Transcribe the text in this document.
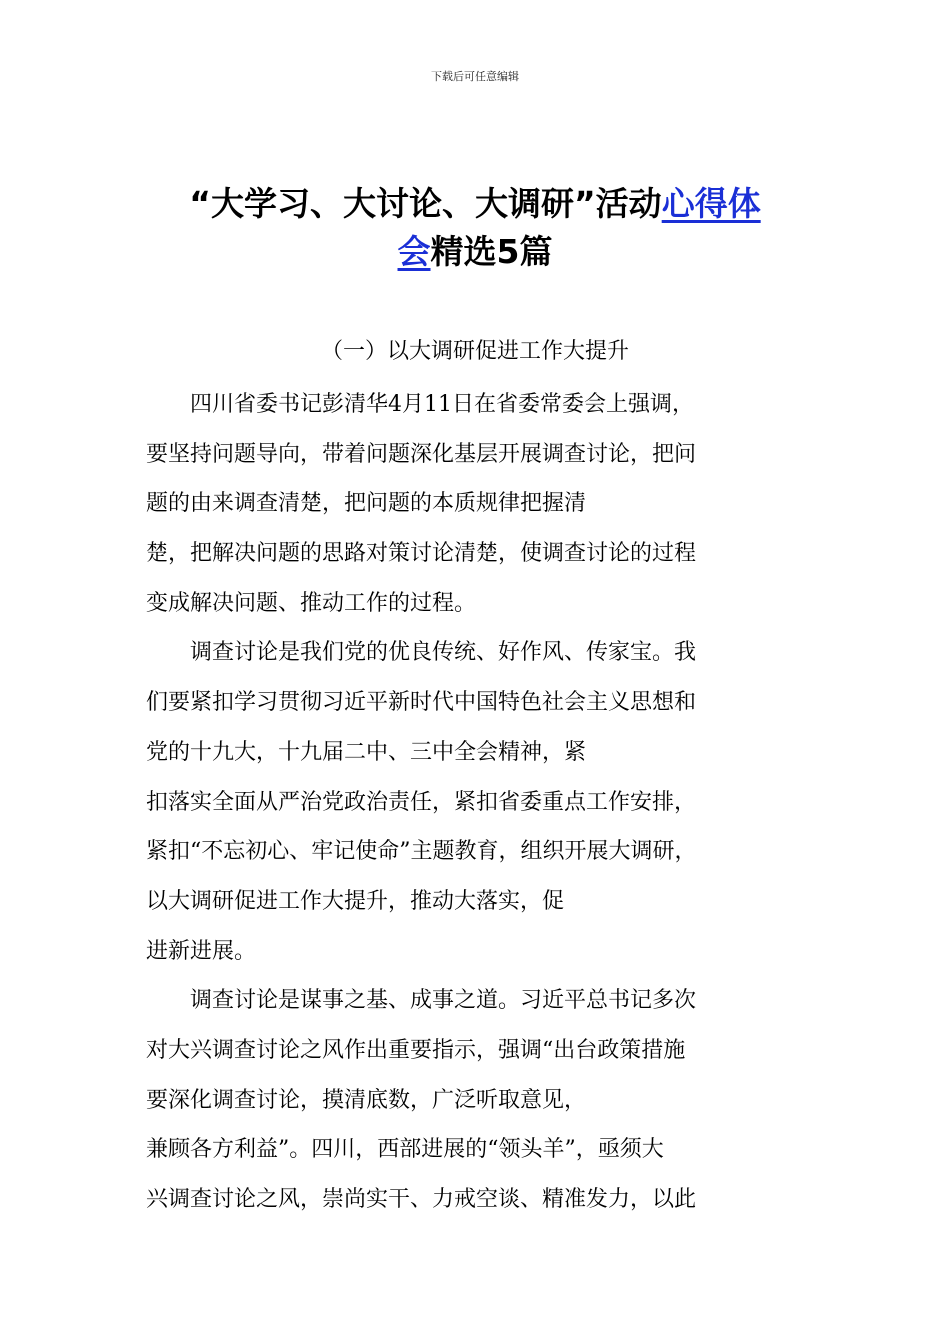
下载后可任意编辑
“大学习、大讨论、大调研”活动心得体
会精选5篇
（一）以大调研促进工作大提升
四川省委书记彭清华4月11日在省委常委会上强调，
要坚持问题导向，带着问题深化基层开展调查讨论，把问
题的由来调查清楚，把问题的本质规律把握清
楚，把解决问题的思路对策讨论清楚，使调查讨论的过程
变成解决问题、推动工作的过程。
调查讨论是我们党的优良传统、好作风、传家宝。我
们要紧扣学习贯彻习近平新时代中国特色社会主义思想和
党的十九大，十九届二中、三中全会精神，紧
扣落实全面从严治党政治责任，紧扣省委重点工作安排，
紧扣“不忘初心、牢记使命”主题教育，组织开展大调研，
以大调研促进工作大提升，推动大落实，促
进新进展。
调查讨论是谋事之基、成事之道。习近平总书记多次
对大兴调查讨论之风作出重要指示，强调“出台政策措施
要深化调查讨论，摸清底数，广泛听取意见，
兼顾各方利益”。四川，西部进展的“领头羊”，亟须大
兴调查讨论之风，崇尚实干、力戒空谈、精准发力，以此
